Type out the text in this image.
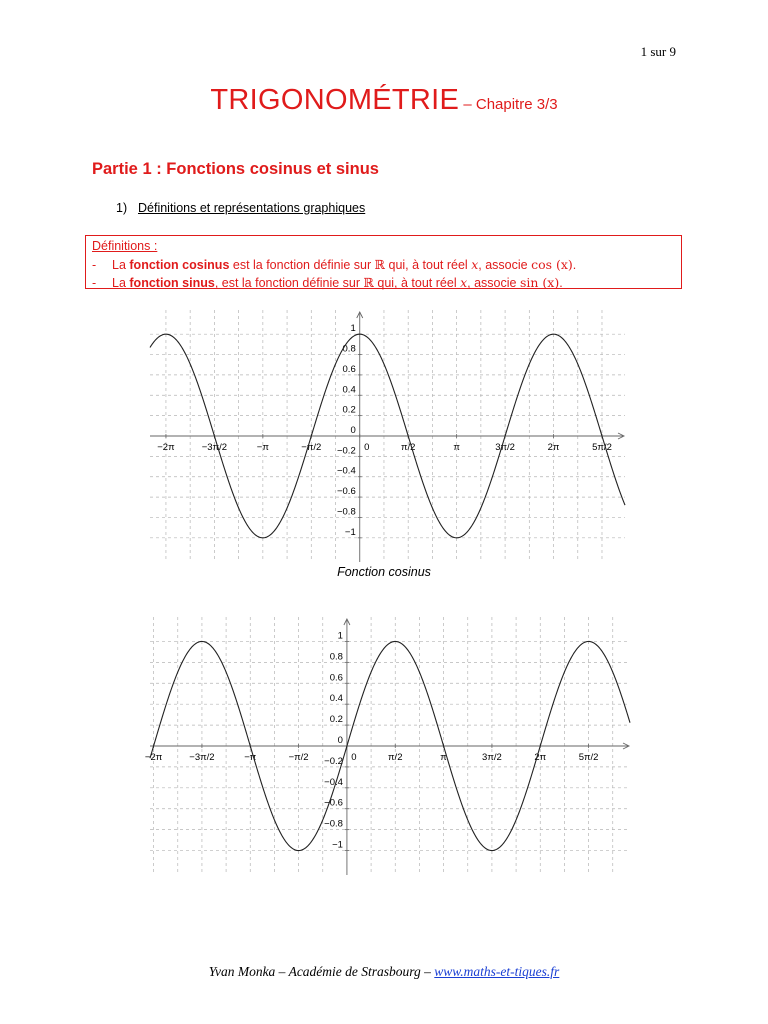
1 sur 9
TRIGONOMÉTRIE – Chapitre 3/3
Partie 1 : Fonctions cosinus et sinus
1) Définitions et représentations graphiques
Définitions :
- La fonction cosinus est la fonction définie sur ℝ qui, à tout réel x, associe cos (x).
- La fonction sinus, est la fonction définie sur ℝ qui, à tout réel x, associe sin (x).
−2π	−3π/2	−π	−π/2	0	π/2	π	3π/2	2π	5π/2
1
0.8
0.6
0.4
0.2
0
−0.2
−0.4
−0.6
−0.8
−1
Fonction cosinus
−2π	−3π/2	−π	−π/2	0	π/2	π	3π/2	2π	5π/2
1
0.8
0.6
0.4
0.2
0
−0.2
−0.4
−0.6
−0.8
−1
Yvan Monka – Académie de Strasbourg – www.maths-et-tiques.fr
